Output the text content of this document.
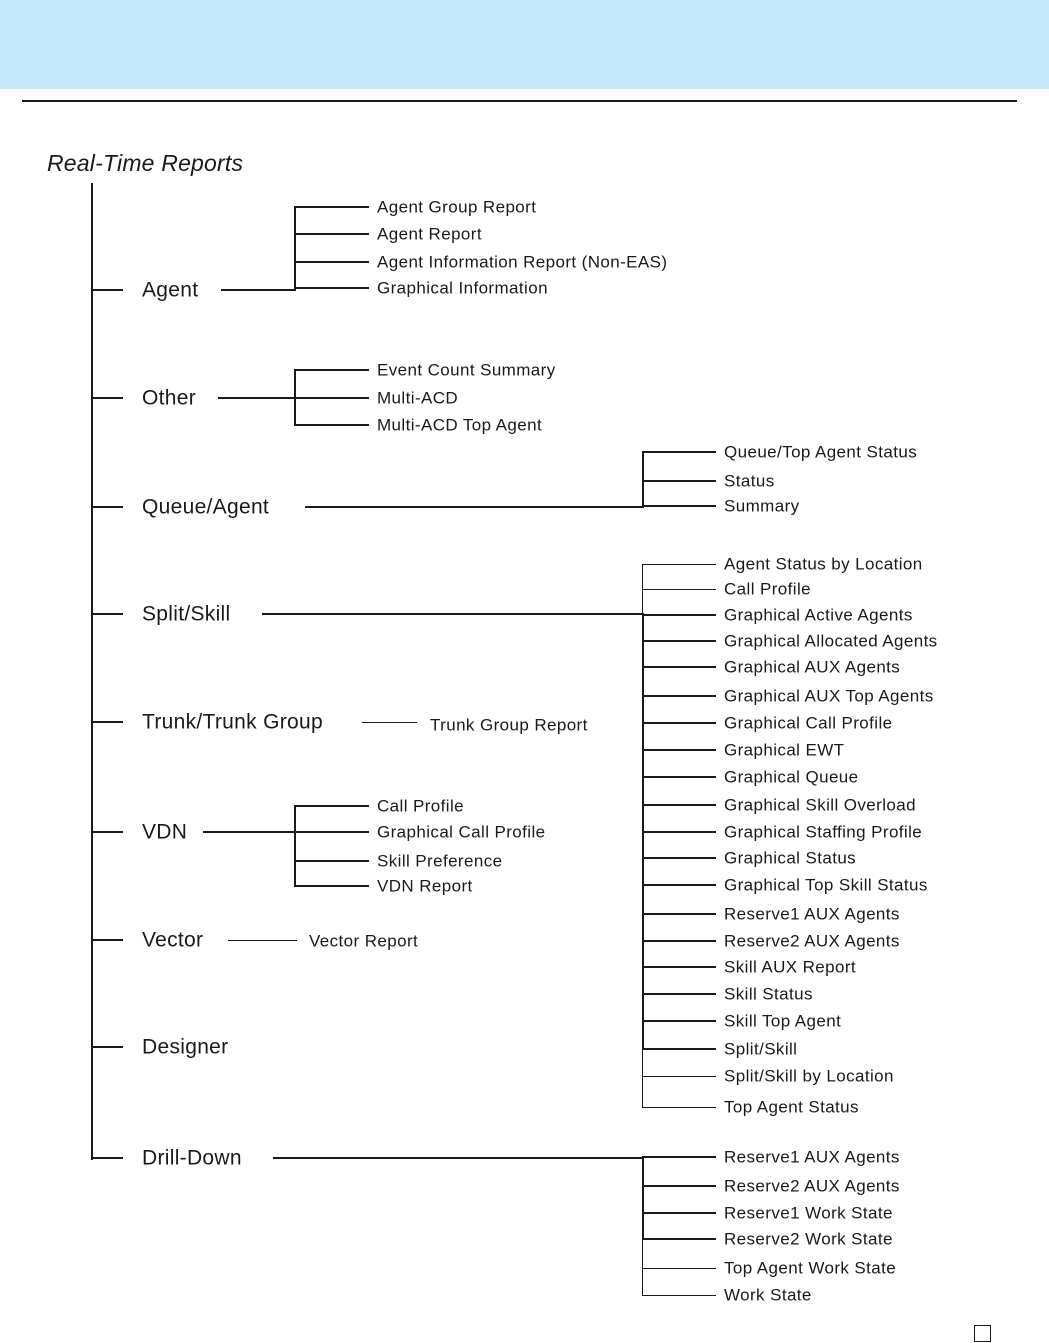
Real-Time Reports
Agent
Agent Group Report
Agent Report
Agent Information Report (Non-EAS)
Graphical Information
Other
Event Count Summary
Multi-ACD
Multi-ACD Top Agent
Queue/Agent
Queue/Top Agent Status
Status
Summary
Split/Skill
Agent Status by Location
Call Profile
Graphical Active Agents
Graphical Allocated Agents
Graphical AUX Agents
Graphical AUX Top Agents
Graphical Call Profile
Graphical EWT
Graphical Queue
Graphical Skill Overload
Graphical Staffing Profile
Graphical Status
Graphical Top Skill Status
Reserve1 AUX Agents
Reserve2 AUX Agents
Skill AUX Report
Skill Status
Skill Top Agent
Split/Skill
Split/Skill by Location
Top Agent Status
Trunk/Trunk Group	Trunk Group Report
VDN
Call Profile
Graphical Call Profile
Skill Preference
VDN Report
Vector	Vector Report
Designer
Drill-Down	Reserve1 AUX Agents
Reserve2 AUX Agents
Reserve1 Work State
Reserve2 Work State
Top Agent Work State
Work State
